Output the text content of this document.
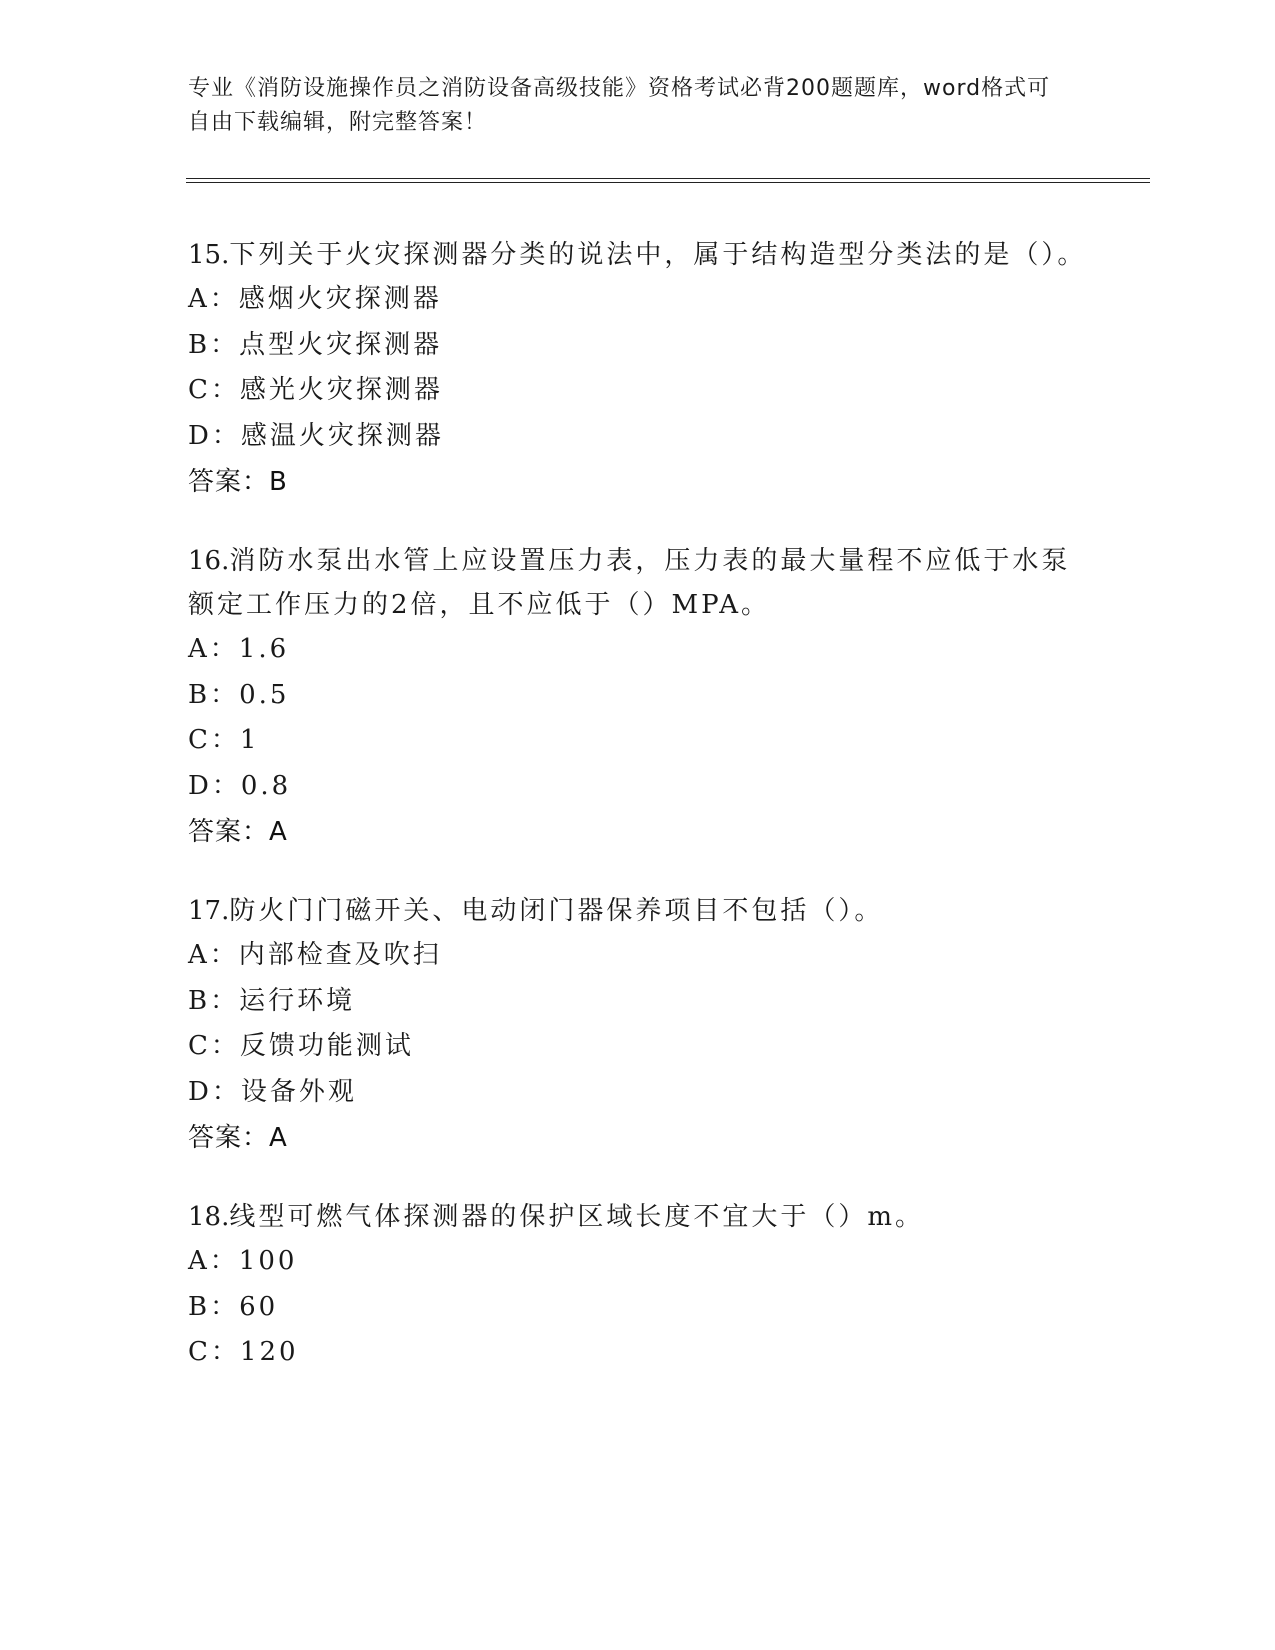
专业《消防设施操作员之消防设备高级技能》资格考试必背200题题库，word格式可自由下载编辑，附完整答案！

15.下列关于火灾探测器分类的说法中，属于结构造型分类法的是（）。

A：感烟火灾探测器

B：点型火灾探测器

C：感光火灾探测器

D：感温火灾探测器

答案：B

16.消防水泵出水管上应设置压力表，压力表的最大量程不应低于水泵额定工作压力的2倍，且不应低于（）MPA。

A：1.6

B：0.5

C：1

D：0.8

答案：A

17.防火门门磁开关、电动闭门器保养项目不包括（）。

A：内部检查及吹扫

B：运行环境

C：反馈功能测试

D：设备外观

答案：A

18.线型可燃气体探测器的保护区域长度不宜大于（）m。

A：100

B：60

C：120
